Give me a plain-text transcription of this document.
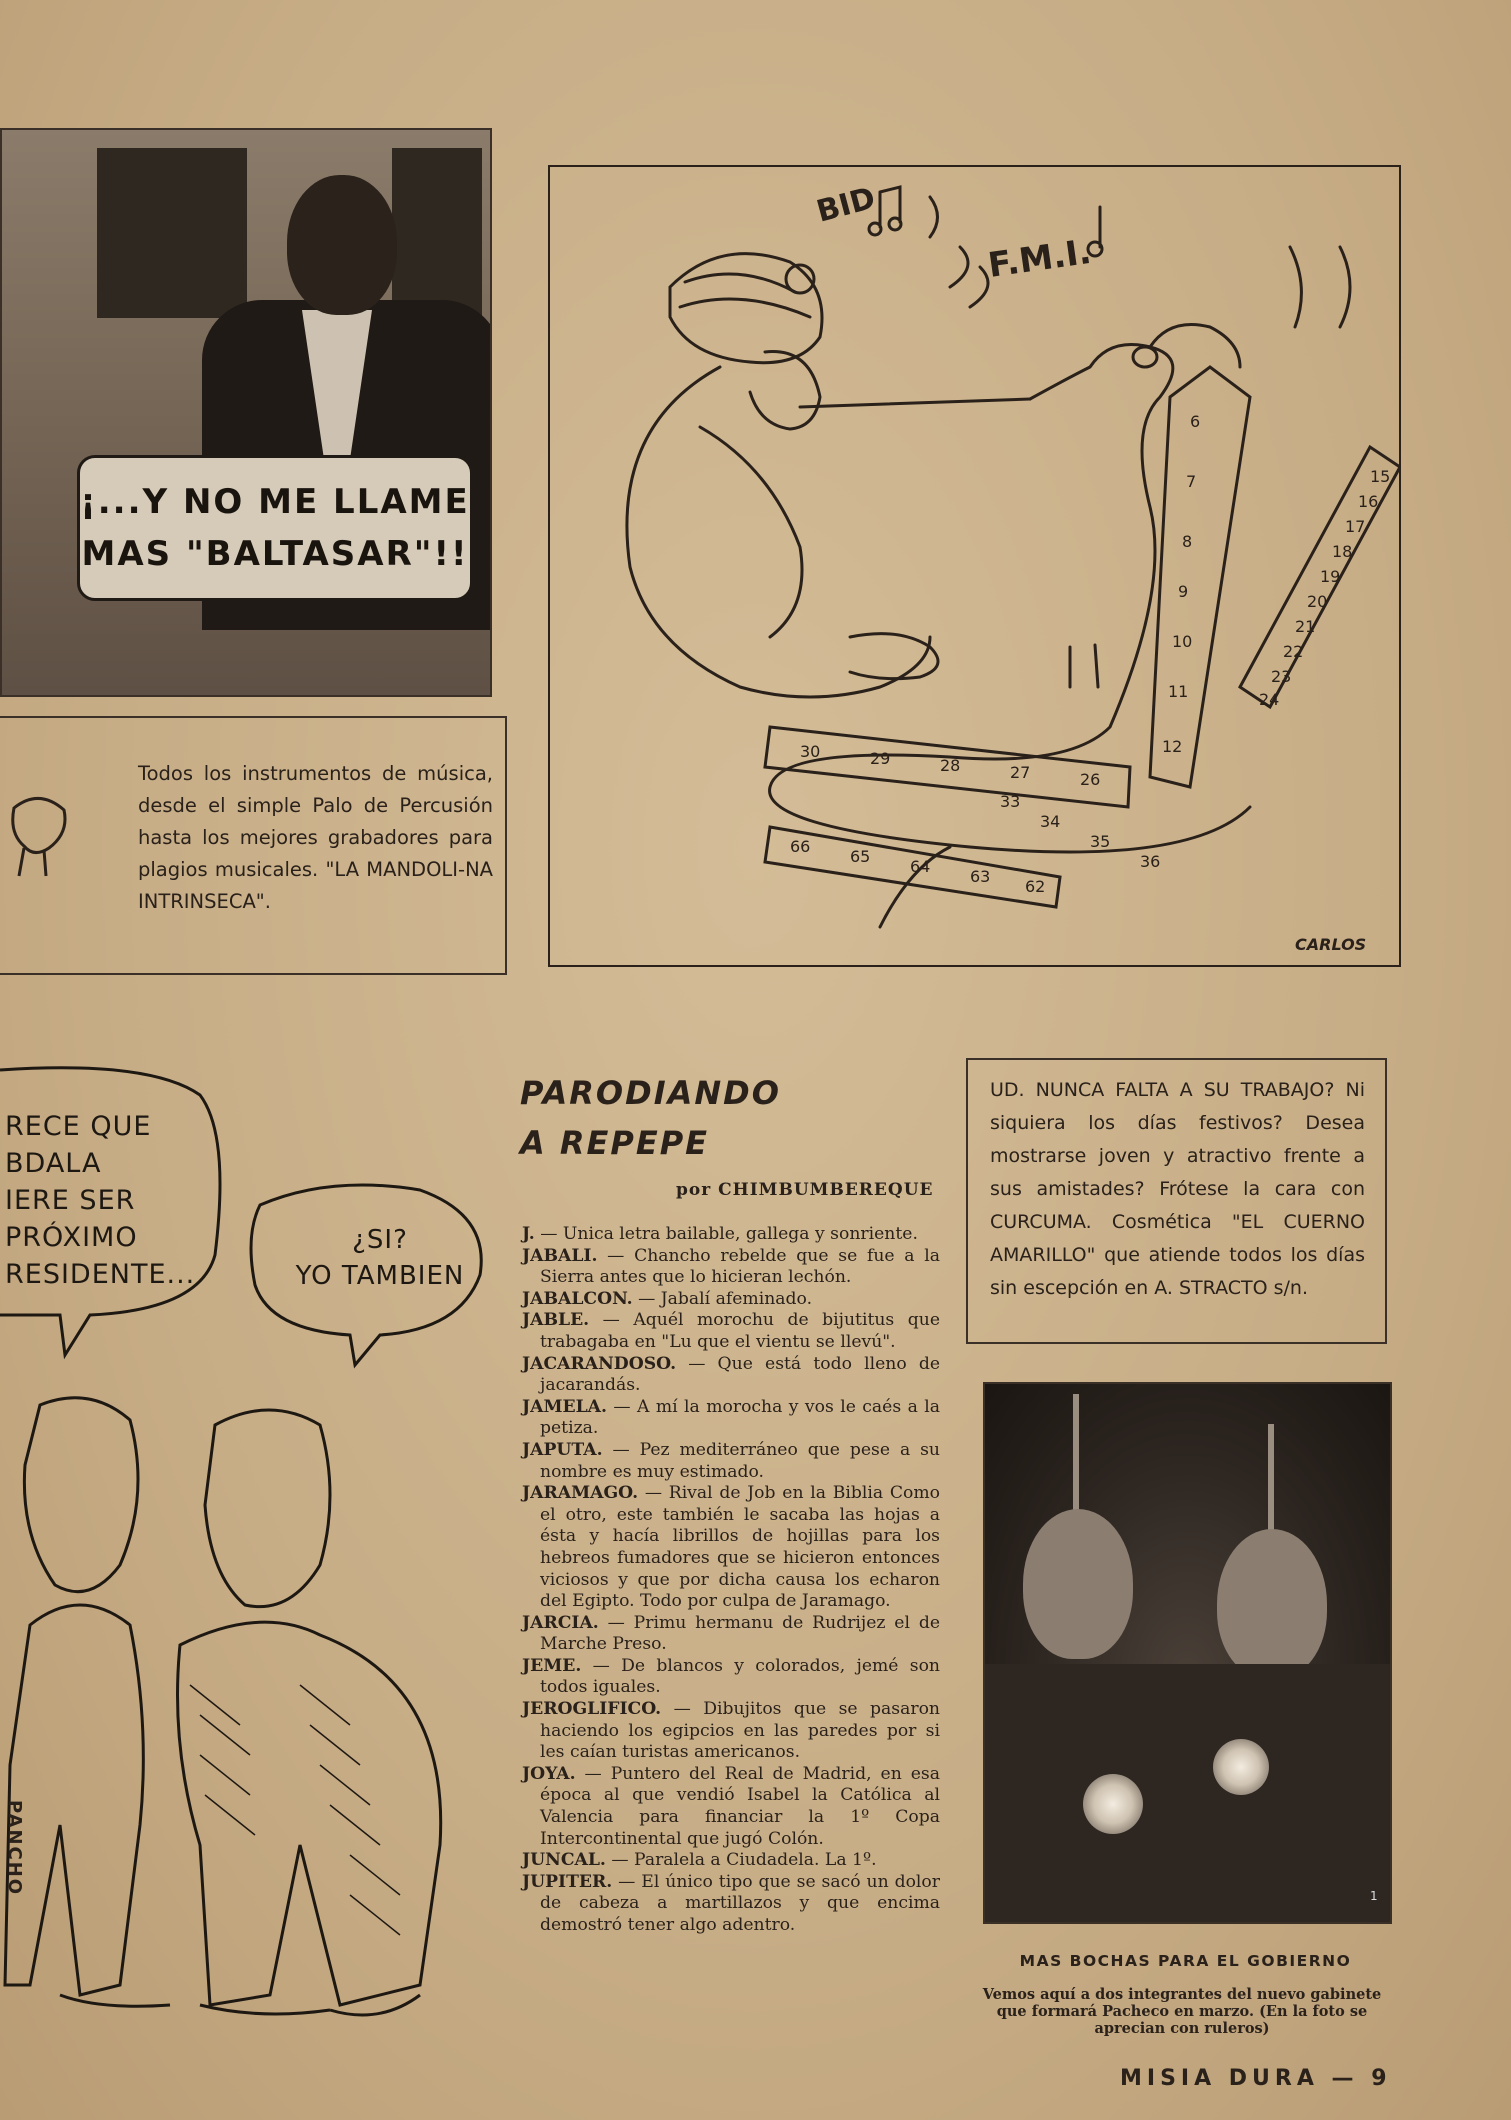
¡...Y NO ME LLAME
MAS "BALTASAR"!!

Todos los instrumentos de música, desde el simple Palo de Percusión hasta los mejores grabadores para plagios musicales. "LA MANDOLI-NA INTRINSECA".

6
7
8
9
10
11
12
15
16
17
18
19
20
21
22
23
24
30	29	28	27	26
33
34
35
36
66
65
64
63
62
BID
F.M.I.
CARLOS
RECE QUE
BDALA
IERE SER
PRÓXIMO
RESIDENTE...
¿SI?
YO TAMBIEN
PANCHO
PARODIANDO
A REPEPE
por CHIMBUMBEREQUE

J. — Unica letra bailable, gallega y sonriente.

JABALI. — Chancho rebelde que se fue a la Sierra antes que lo hicieran lechón.

JABALCON. — Jabalí afeminado.

JABLE. — Aquél morochu de bijutitus que trabagaba en "Lu que el vientu se llevú".

JACARANDOSO. — Que está todo lleno de jacarandás.

JAMELA. — A mí la morocha y vos le caés a la petiza.

JAPUTA. — Pez mediterráneo que pese a su nombre es muy estimado.

JARAMAGO. — Rival de Job en la Biblia Como el otro, este también le sacaba las hojas a ésta y hacía librillos de hojillas para los hebreos fumadores que se hicieron entonces viciosos y que por dicha causa los echaron del Egipto. Todo por culpa de Jaramago.

JARCIA. — Primu hermanu de Rudrijez el de Marche Preso.

JEME. — De blancos y colorados, jemé son todos iguales.

JEROGLIFICO. — Dibujitos que se pasaron haciendo los egipcios en las paredes por si les caían turistas americanos.

JOYA. — Puntero del Real de Madrid, en esa época al que vendió Isabel la Católica al Valencia para financiar la 1º Copa Intercontinental que jugó Colón.

JUNCAL. — Paralela a Ciudadela. La 1º.

JUPITER. — El único tipo que se sacó un dolor de cabeza a martillazos y que encima demostró tener algo adentro.

UD. NUNCA FALTA A SU TRABAJO? Ni siquiera los días festivos? Desea mostrarse joven y atractivo frente a sus amistades? Frótese la cara con CURCUMA. Cosmética "EL CUERNO AMARILLO" que atiende todos los días sin escepción en A. STRACTO s/n.

1
MAS BOCHAS PARA EL GOBIERNO
Vemos aquí a dos integrantes del nuevo gabinete que formará Pacheco en marzo. (En la foto se aprecian con ruleros)
MISIA DURA — 9
